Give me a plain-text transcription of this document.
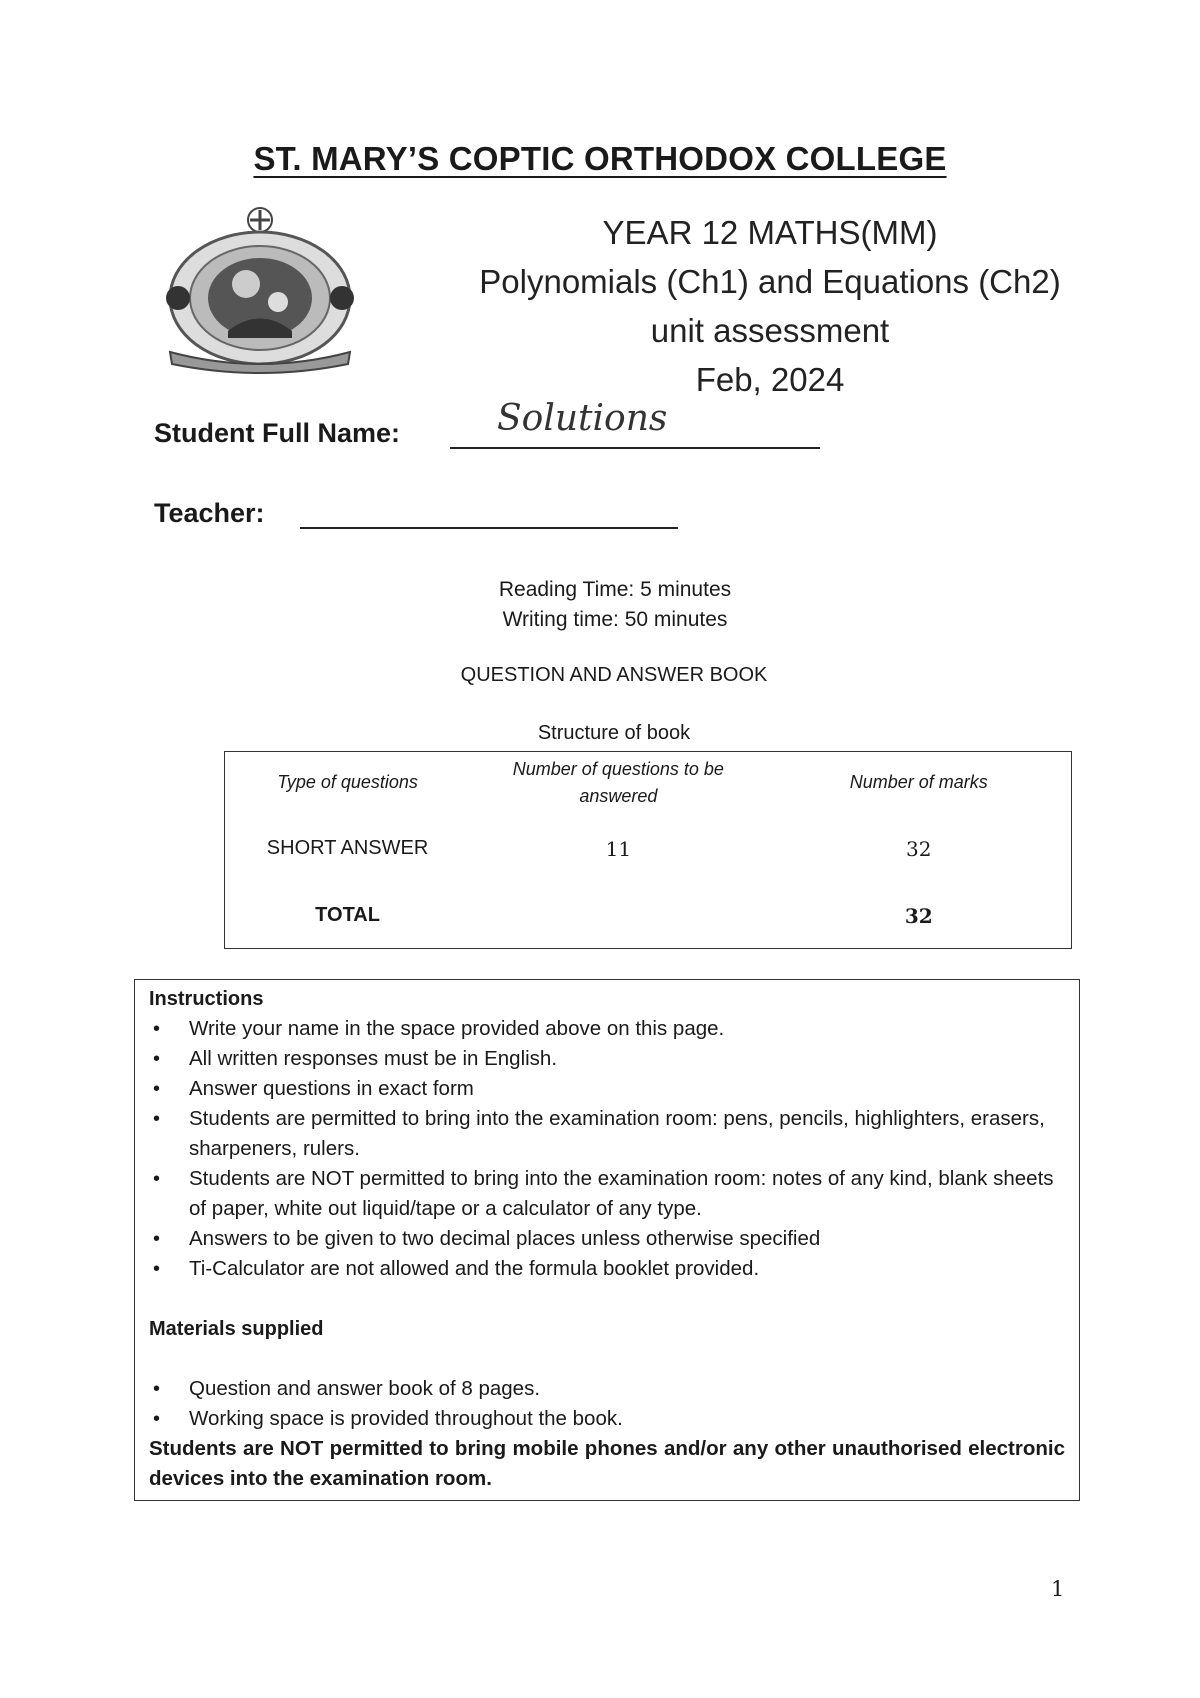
ST. MARY’S COPTIC ORTHODOX COLLEGE
YEAR 12 MATHS(MM)
Polynomials (Ch1) and Equations (Ch2)
unit assessment
Feb, 2024
Student Full Name:	Solutions
Teacher:
Reading Time: 5 minutes
Writing time: 50 minutes
QUESTION AND ANSWER BOOK
Structure of book
Type of questions	Number of questions to be answered	Number of marks
SHORT ANSWER	11	32
TOTAL		32
Instructions
• Write your name in the space provided above on this page.
• All written responses must be in English.
• Answer questions in exact form
• Students are permitted to bring into the examination room: pens, pencils, highlighters, erasers, sharpeners, rulers.
• Students are NOT permitted to bring into the examination room: notes of any kind, blank sheets of paper, white out liquid/tape or a calculator of any type.
• Answers to be given to two decimal places unless otherwise specified
• Ti-Calculator are not allowed and the formula booklet provided.
Materials supplied
• Question and answer book of 8 pages.
• Working space is provided throughout the book.
Students are NOT permitted to bring mobile phones and/or any other unauthorised electronic devices into the examination room.
1
